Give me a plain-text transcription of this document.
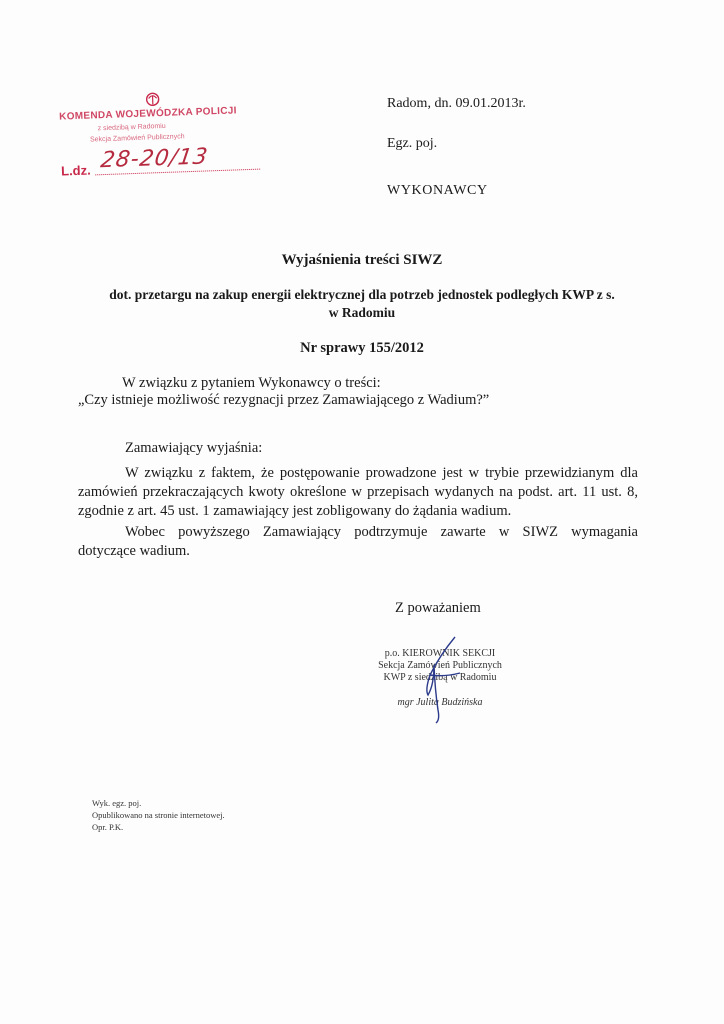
KOMENDA WOJEWÓDZKA POLICJI
z siedzibą w Radomiu
Sekcja Zamówień Publicznych
L.dz. 28-20/13
Radom, dn. 09.01.2013r.
Egz. poj.
WYKONAWCY
Wyjaśnienia treści SIWZ
dot. przetargu na zakup energii elektrycznej dla potrzeb jednostek podległych KWP z s.
w Radomiu
Nr sprawy 155/2012
W związku z pytaniem Wykonawcy o treści:
„Czy istnieje możliwość rezygnacji przez Zamawiającego z Wadium?”
Zamawiający wyjaśnia:
W związku z faktem, że postępowanie prowadzone jest w trybie przewidzianym dla
zamówień przekraczających kwoty określone w przepisach wydanych na podst. art. 11 ust. 8,
zgodnie z art. 45 ust. 1 zamawiający jest zobligowany do żądania wadium.
Wobec powyższego Zamawiający podtrzymuje zawarte w SIWZ wymagania
dotyczące wadium.
Z poważaniem
p.o. KIEROWNIK SEKCJI
Sekcja Zamówień Publicznych
KWP z siedzibą w Radomiu
mgr Julita Budzińska
Wyk. egz. poj.
Opublikowano na stronie internetowej.
Opr. P.K.
